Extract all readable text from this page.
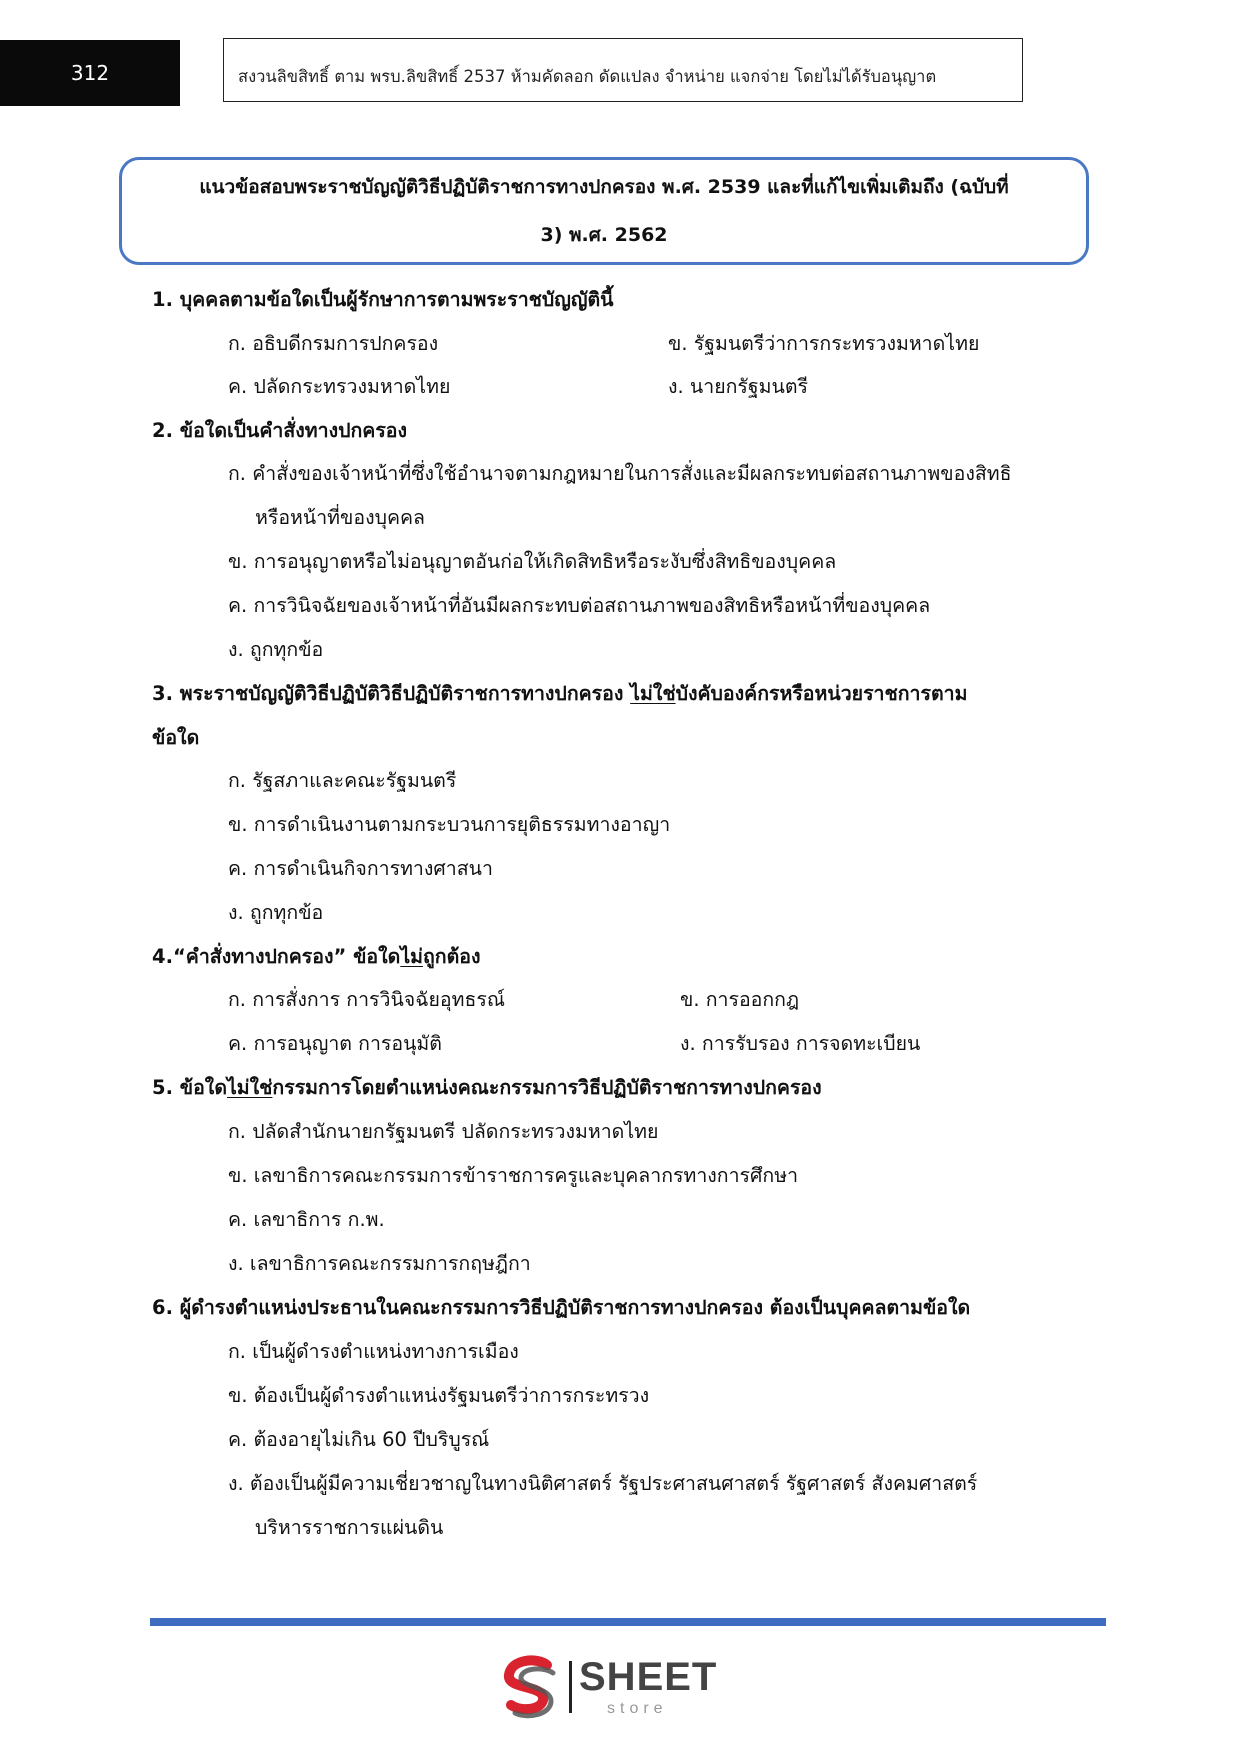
312	สงวนลิขสิทธิ์ ตาม พรบ.ลิขสิทธิ์ 2537 ห้ามคัดลอก ดัดแปลง จำหน่าย แจกจ่าย โดยไม่ได้รับอนุญาต
แนวข้อสอบพระราชบัญญัติวิธีปฏิบัติราชการทางปกครอง พ.ศ. 2539 และที่แก้ไขเพิ่มเติมถึง (ฉบับที่
3) พ.ศ. 2562
1. บุคคลตามข้อใดเป็นผู้รักษาการตามพระราชบัญญัตินี้
ก. อธิบดีกรมการปกครอง	ข. รัฐมนตรีว่าการกระทรวงมหาดไทย
ค. ปลัดกระทรวงมหาดไทย	ง. นายกรัฐมนตรี
2. ข้อใดเป็นคำสั่งทางปกครอง
ก. คำสั่งของเจ้าหน้าที่ซึ่งใช้อำนาจตามกฎหมายในการสั่งและมีผลกระทบต่อสถานภาพของสิทธิ
หรือหน้าที่ของบุคคล
ข. การอนุญาตหรือไม่อนุญาตอันก่อให้เกิดสิทธิหรือระงับซึ่งสิทธิของบุคคล
ค. การวินิจฉัยของเจ้าหน้าที่อันมีผลกระทบต่อสถานภาพของสิทธิหรือหน้าที่ของบุคคล
ง. ถูกทุกข้อ
3. พระราชบัญญัติวิธีปฏิบัติวิธีปฏิบัติราชการทางปกครอง ไม่ใช่บังคับองค์กรหรือหน่วยราชการตาม
ข้อใด
ก. รัฐสภาและคณะรัฐมนตรี
ข. การดำเนินงานตามกระบวนการยุติธรรมทางอาญา
ค. การดำเนินกิจการทางศาสนา
ง. ถูกทุกข้อ
4.“คำสั่งทางปกครอง” ข้อใดไม่ถูกต้อง
ก. การสั่งการ การวินิจฉัยอุทธรณ์	ข. การออกกฎ
ค. การอนุญาต การอนุมัติ	ง. การรับรอง การจดทะเบียน
5. ข้อใดไม่ใช่กรรมการโดยตำแหน่งคณะกรรมการวิธีปฏิบัติราชการทางปกครอง
ก. ปลัดสำนักนายกรัฐมนตรี ปลัดกระทรวงมหาดไทย
ข. เลขาธิการคณะกรรมการข้าราชการครูและบุคลากรทางการศึกษา
ค. เลขาธิการ ก.พ.
ง. เลขาธิการคณะกรรมการกฤษฎีกา
6. ผู้ดำรงตำแหน่งประธานในคณะกรรมการวิธีปฏิบัติราชการทางปกครอง ต้องเป็นบุคคลตามข้อใด
ก. เป็นผู้ดำรงตำแหน่งทางการเมือง
ข. ต้องเป็นผู้ดำรงตำแหน่งรัฐมนตรีว่าการกระทรวง
ค. ต้องอายุไม่เกิน 60 ปีบริบูรณ์
ง. ต้องเป็นผู้มีความเชี่ยวชาญในทางนิติศาสตร์ รัฐประศาสนศาสตร์ รัฐศาสตร์ สังคมศาสตร์
บริหารราชการแผ่นดิน
SHEET
store
